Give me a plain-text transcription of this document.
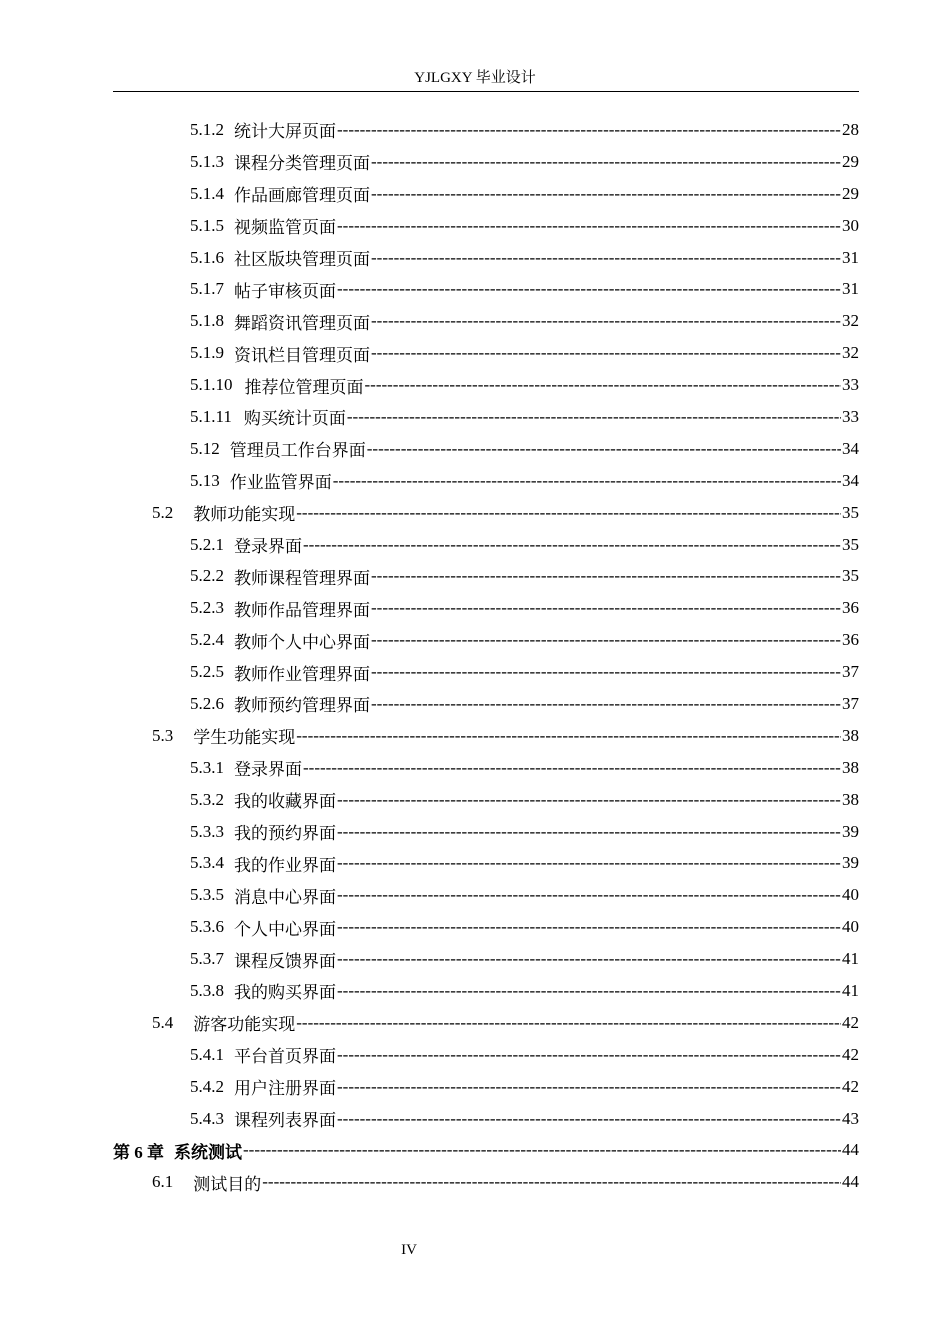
YJLGXY 毕业设计
5.1.2 统计大屏页面 -----	28
5.1.3 课程分类管理页面 -----	29
5.1.4 作品画廊管理页面 -----	29
5.1.5 视频监管页面 -----	30
5.1.6 社区版块管理页面 -----	31
5.1.7 帖子审核页面 -----	31
5.1.8 舞蹈资讯管理页面 -----	32
5.1.9 资讯栏目管理页面 -----	32
5.1.10 推荐位管理页面 -----	33
5.1.11 购买统计页面 -----	33
5.12 管理员工作台界面 -----	34
5.13 作业监管界面 -----	34
5.2	教师功能实现 -----	35
5.2.1 登录界面 -----	35
5.2.2 教师课程管理界面 -----	35
5.2.3 教师作品管理界面 -----	36
5.2.4 教师个人中心界面 -----	36
5.2.5 教师作业管理界面 -----	37
5.2.6 教师预约管理界面 -----	37
5.3	学生功能实现 -----	38
5.3.1 登录界面 -----	38
5.3.2 我的收藏界面 -----	38
5.3.3 我的预约界面 -----	39
5.3.4 我的作业界面 -----	39
5.3.5 消息中心界面 -----	40
5.3.6 个人中心界面 -----	40
5.3.7 课程反馈界面 -----	41
5.3.8 我的购买界面 -----	41
5.4	游客功能实现 -----	42
5.4.1 平台首页界面 -----	42
5.4.2 用户注册界面 -----	42
5.4.3 课程列表界面 -----	43
第 6 章 系统测试 -----	44
6.1	测试目的 -----	44
IV
